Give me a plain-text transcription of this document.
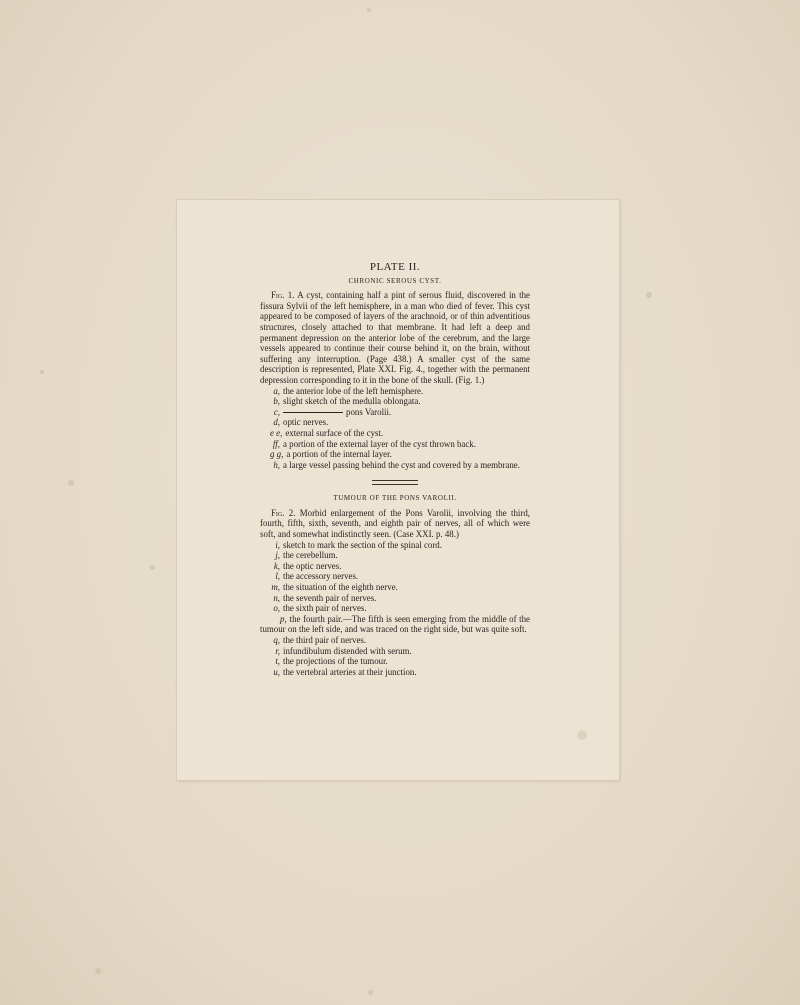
PLATE II.
CHRONIC SEROUS CYST.

Fig. 1. A cyst, containing half a pint of serous fluid, discovered in the fissura Sylvii of the left hemisphere, in a man who died of fever. This cyst appeared to be composed of layers of the arachnoid, or of thin adventitious structures, closely attached to that membrane. It had left a deep and permanent depression on the anterior lobe of the cerebrum, and the large vessels appeared to continue their course behind it, on the brain, without suffering any interruption. (Page 438.) A smaller cyst of the same description is represented, Plate XXI. Fig. 4., together with the permanent depression corresponding to it in the bone of the skull. (Fig. 1.)

a, the anterior lobe of the left hemisphere.
b, slight sketch of the medulla oblongata.
c,	pons Varolii.
d, optic nerves.
e e, external surface of the cyst.
ff, a portion of the external layer of the cyst thrown back.
g g, a portion of the internal layer.
h, a large vessel passing behind the cyst and covered by a membrane.
TUMOUR OF THE PONS VAROLII.

Fig. 2. Morbid enlargement of the Pons Varolii, involving the third, fourth, fifth, sixth, seventh, and eighth pair of nerves, all of which were soft, and somewhat indistinctly seen. (Case XXI. p. 48.)

i, sketch to mark the section of the spinal cord.
j, the cerebellum.
k, the optic nerves.
l, the accessory nerves.
m, the situation of the eighth nerve.
n, the seventh pair of nerves.
o, the sixth pair of nerves.
p, the fourth pair.—The fifth is seen emerging from the middle of the tumour on the left side, and was traced on the right side, but was quite soft.
q, the third pair of nerves.
r, infundibulum distended with serum.
t, the projections of the tumour.
u, the vertebral arteries at their junction.
